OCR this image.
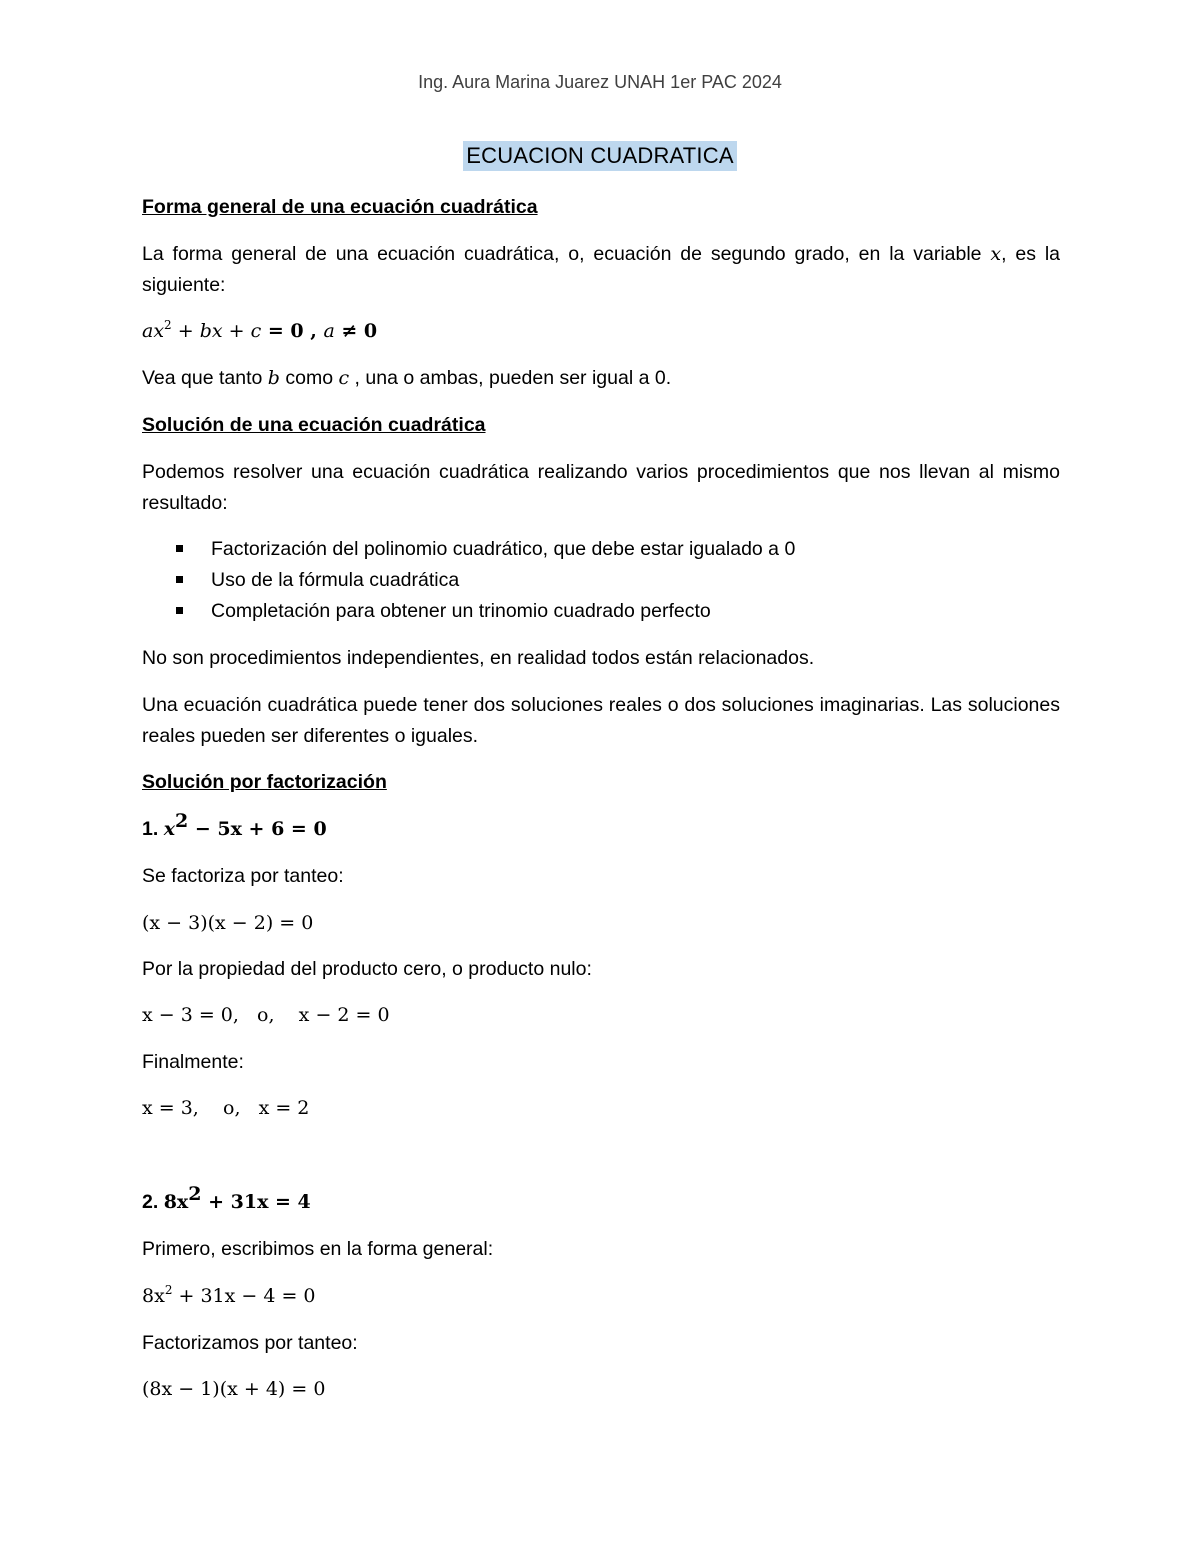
Ing. Aura Marina Juarez UNAH 1er PAC 2024
ECUACION CUADRATICA
Forma general de una ecuación cuadrática
La forma general de una ecuación cuadrática, o, ecuación de segundo grado, en la variable x, es la siguiente:
$ax^2$ + bx + c = 0 , a ≠ 0
Vea que tanto b como c , una o ambas, pueden ser igual a 0.
Solución de una ecuación cuadrática
Podemos resolver una ecuación cuadrática realizando varios procedimientos que nos llevan al mismo resultado:
Factorización del polinomio cuadrático, que debe estar igualado a 0
Uso de la fórmula cuadrática
Completación para obtener un trinomio cuadrado perfecto
No son procedimientos independientes, en realidad todos están relacionados.
Una ecuación cuadrática puede tener dos soluciones reales o dos soluciones imaginarias. Las soluciones reales pueden ser diferentes o iguales.
Solución por factorización
1. $x^2 - 5x + 6 = 0$
Se factoriza por tanteo:
(x − 3)(x − 2) = 0
Por la propiedad del producto cero, o producto nulo:
x − 3 = 0,   o,    x − 2 = 0
Finalmente:
x = 3,    o,   x = 2
2. $8x^2 + 31x = 4$
Primero, escribimos en la forma general:
$8x^2 + 31x - 4 = 0$
Factorizamos por tanteo:
(8x − 1)(x + 4) = 0
